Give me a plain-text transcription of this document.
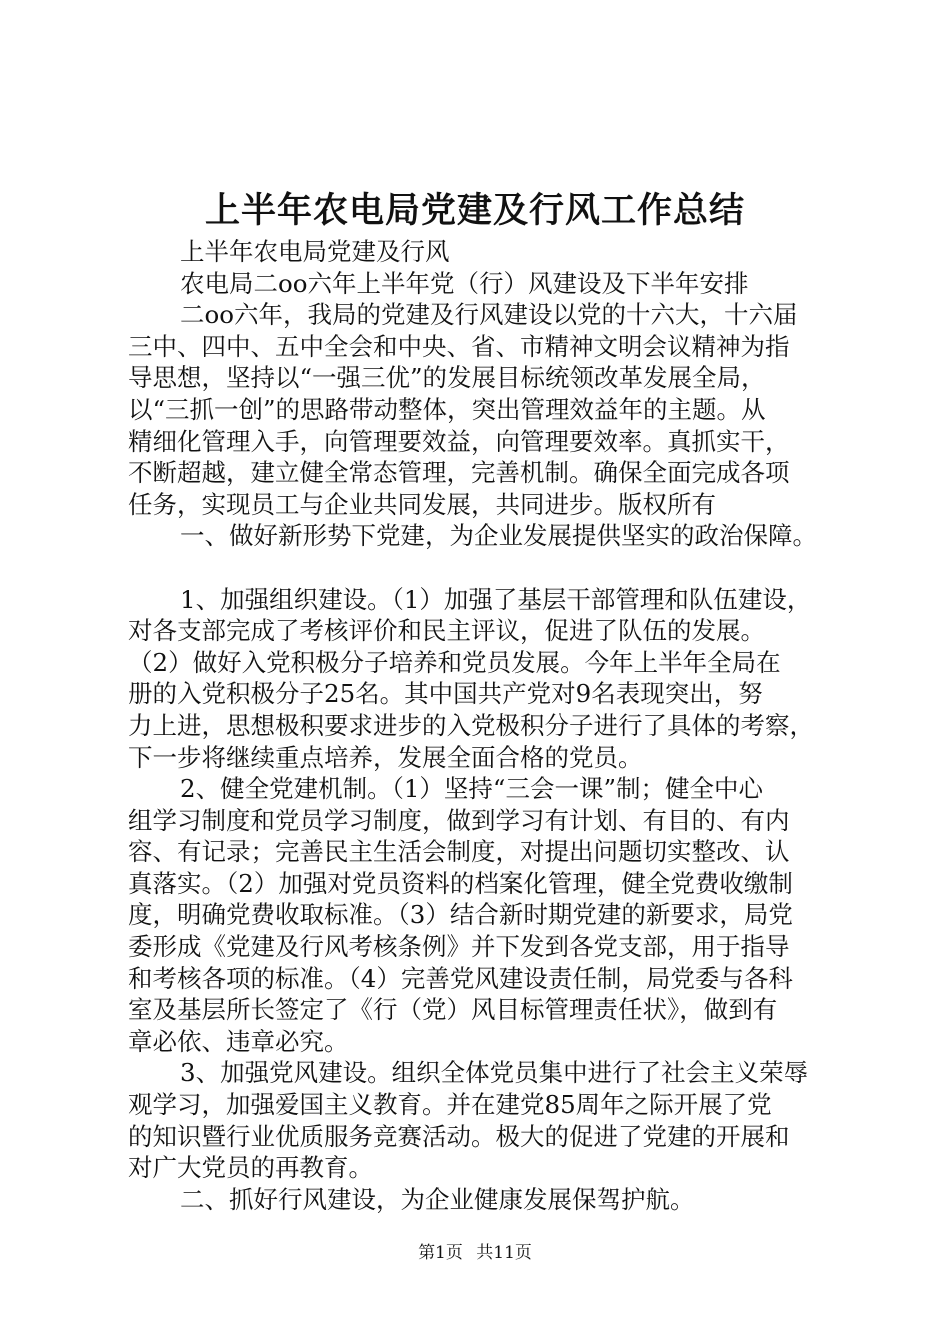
上半年农电局党建及行风工作总结

上半年农电局党建及行风

农电局二oo六年上半年党（行）风建设及下半年安排

二oo六年，我局的党建及行风建设以党的十六大，十六届

三中、四中、五中全会和中央、省、市精神文明会议精神为指

导思想，坚持以“一强三优”的发展目标统领改革发展全局，

以“三抓一创”的思路带动整体，突出管理效益年的主题。从

精细化管理入手，向管理要效益，向管理要效率。真抓实干，

不断超越，建立健全常态管理，完善机制。确保全面完成各项

任务，实现员工与企业共同发展，共同进步。版权所有

一、做好新形势下党建，为企业发展提供坚实的政治保障。

1、加强组织建设。（1）加强了基层干部管理和队伍建设，

对各支部完成了考核评价和民主评议，促进了队伍的发展。

（2）做好入党积极分子培养和党员发展。今年上半年全局在

册的入党积极分子25名。其中国共产党对9名表现突出，努

力上进，思想极积要求进步的入党极积分子进行了具体的考察，

下一步将继续重点培养，发展全面合格的党员。

2、健全党建机制。（1）坚持“三会一课”制；健全中心

组学习制度和党员学习制度，做到学习有计划、有目的、有内

容、有记录；完善民主生活会制度，对提出问题切实整改、认

真落实。（2）加强对党员资料的档案化管理，健全党费收缴制

度，明确党费收取标准。（3）结合新时期党建的新要求，局党

委形成《党建及行风考核条例》并下发到各党支部，用于指导

和考核各项的标准。（4）完善党风建设责任制，局党委与各科

室及基层所长签定了《行（党）风目标管理责任状》，做到有

章必依、违章必究。

3、加强党风建设。组织全体党员集中进行了社会主义荣辱

观学习，加强爱国主义教育。并在建党85周年之际开展了党

的知识暨行业优质服务竞赛活动。极大的促进了党建的开展和

对广大党员的再教育。

二、抓好行风建设，为企业健康发展保驾护航。

第1页 共11页
